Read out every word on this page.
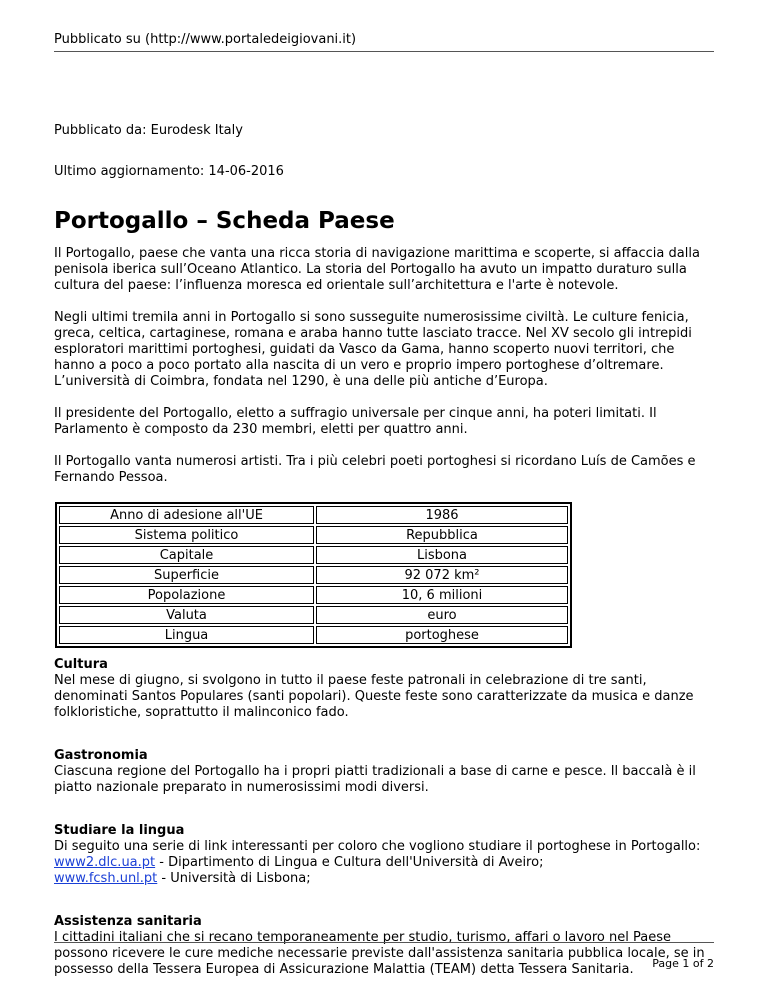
Pubblicato su (http://www.portaledeigiovani.it)
Pubblicato da: Eurodesk Italy
Ultimo aggiornamento: 14-06-2016
Portogallo – Scheda Paese

Il Portogallo, paese che vanta una ricca storia di navigazione marittima e scoperte, si affaccia dalla penisola iberica sull’Oceano Atlantico. La storia del Portogallo ha avuto un impatto duraturo sulla cultura del paese: l’influenza moresca ed orientale sull’architettura e l'arte è notevole.

Negli ultimi tremila anni in Portogallo si sono susseguite numerosissime civiltà. Le culture fenicia, greca, celtica, cartaginese, romana e araba hanno tutte lasciato tracce. Nel XV secolo gli intrepidi esploratori marittimi portoghesi, guidati da Vasco da Gama, hanno scoperto nuovi territori, che hanno a poco a poco portato alla nascita di un vero e proprio impero portoghese d’oltremare. L’università di Coimbra, fondata nel 1290, è una delle più antiche d’Europa.

Il presidente del Portogallo, eletto a suffragio universale per cinque anni, ha poteri limitati. Il Parlamento è composto da 230 membri, eletti per quattro anni.

Il Portogallo vanta numerosi artisti. Tra i più celebri poeti portoghesi si ricordano Luís de Camões e Fernando Pessoa.

Anno di adesione all'UE	1986
Sistema politico	Repubblica
Capitale	Lisbona
Superficie	92 072 km²
Popolazione	10, 6 milioni
Valuta	euro
Lingua	portoghese
Cultura
Nel mese di giugno, si svolgono in tutto il paese feste patronali in celebrazione di tre santi, denominati Santos Populares (santi popolari). Queste feste sono caratterizzate da musica e danze folkloristiche, soprattutto il malinconico fado.
Gastronomia
Ciascuna regione del Portogallo ha i propri piatti tradizionali a base di carne e pesce. Il baccalà è il piatto nazionale preparato in numerosissimi modi diversi.
Studiare la lingua
Di seguito una serie di link interessanti per coloro che vogliono studiare il portoghese in Portogallo:
www2.dlc.ua.pt - Dipartimento di Lingua e Cultura dell'Università di Aveiro;
www.fcsh.unl.pt - Università di Lisbona;
Assistenza sanitaria
I cittadini italiani che si recano temporaneamente per studio, turismo, affari o lavoro nel Paese possono ricevere le cure mediche necessarie previste dall'assistenza sanitaria pubblica locale, se in possesso della Tessera Europea di Assicurazione Malattia (TEAM) detta Tessera Sanitaria.	Page 1 of 2
